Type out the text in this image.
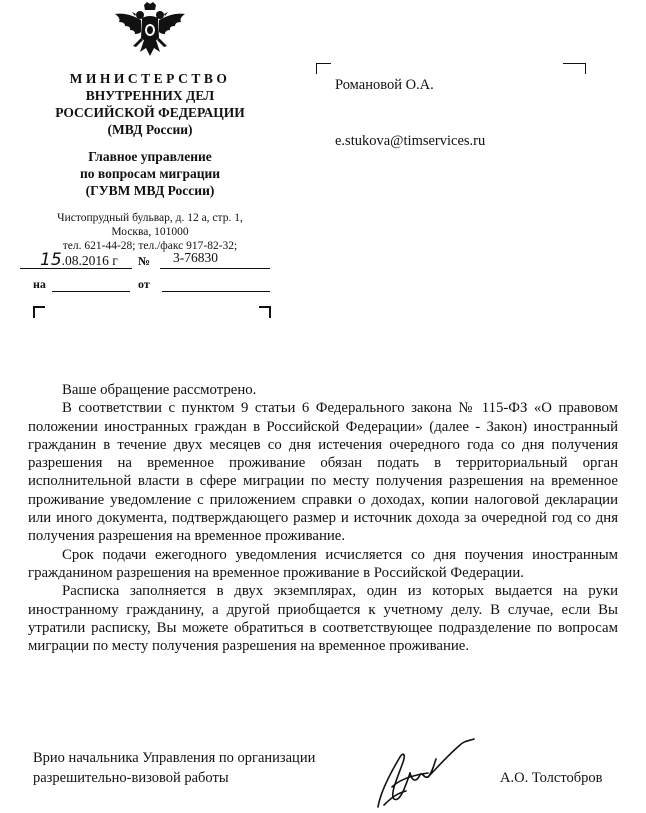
МИНИСТЕРСТВО
ВНУТРЕННИХ ДЕЛ
РОССИЙСКОЙ ФЕДЕРАЦИИ
(МВД России)
Главное управление
по вопросам миграции
(ГУВМ МВД России)
Чистопрудный бульвар, д. 12 а, стр. 1,
Москва, 101000
тел. 621-44-28; тел./факс 917-82-32;
15.08.2016 г № 3-76830
на	от
Романовой О.А.
e.stukova@timservices.ru

Ваше обращение рассмотрено.

В соответствии с пунктом 9 статьи 6 Федерального закона № 115-ФЗ «О правовом положении иностранных граждан в Российской Федерации» (далее - Закон) иностранный гражданин в течение двух месяцев со дня истечения очередного года со дня получения разрешения на временное проживание обязан подать в территориальный орган исполнительной власти в сфере миграции по месту получения разрешения на временное проживание уведомление с приложением справки о доходах, копии налоговой декларации или иного документа, подтверждающего размер и источник дохода за очередной год со дня получения разрешения на временное проживание.

Срок подачи ежегодного уведомления исчисляется со дня поучения иностранным гражданином разрешения на временное проживание в Российской Федерации.

Расписка заполняется в двух экземплярах, один из которых выдается на руки иностранному гражданину, а другой приобщается к учетному делу. В случае, если Вы утратили расписку, Вы можете обратиться в соответствующее подразделение по вопросам миграции по месту получения разрешения на временное проживание.

Врио начальника Управления по организации
разрешительно-визовой работы	А.О. Толстобров
